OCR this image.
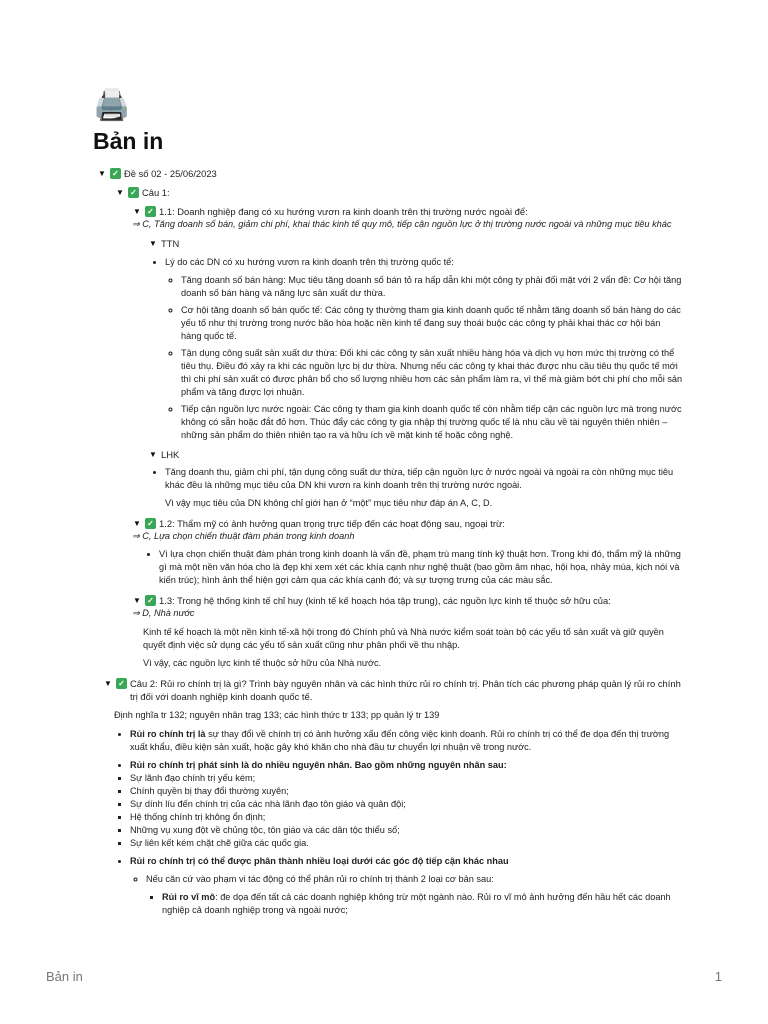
🖨️
Bản in
▼ ✓ Đề số 02 - 25/06/2023
▼ ✓ Câu 1:
▼ ✓ 1.1: Doanh nghiệp đang có xu hướng vươn ra kinh doanh trên thị trường nước ngoài để:
⇒ C, Tăng doanh số bán, giảm chi phí, khai thác kinh tế quy mô, tiếp cận nguồn lực ở thị trường nước ngoài và những mục tiêu khác
▼ TTN
• Lý do các DN có xu hướng vươn ra kinh doanh trên thị trường quốc tế:
◦ Tăng doanh số bán hàng: Mục tiêu tăng doanh số bán tỏ ra hấp dẫn khi một công ty phải đối mặt với 2 vấn đề: Cơ hội tăng doanh số bán hàng và năng lực sản xuất dư thừa.
◦ Cơ hội tăng doanh số bán quốc tế: Các công ty thường tham gia kinh doanh quốc tế nhằm tăng doanh số bán hàng do các yếu tố như thị trường trong nước bão hòa hoặc nền kinh tế đang suy thoái buộc các công ty phải khai thác cơ hội bán hàng quốc tế.
◦ Tận dụng công suất sản xuất dư thừa: Đối khi các công ty sản xuất nhiều hàng hóa và dịch vụ hơn mức thị trường có thể tiêu thụ. Điều đó xảy ra khi các nguồn lực bị dư thừa. Nhưng nếu các công ty khai thác được nhu cầu tiêu thụ quốc tế mới thì chi phí sản xuất có được phân bổ cho số lượng nhiều hơn các sản phẩm làm ra, vì thế mà giảm bớt chi phí cho mỗi sản phẩm và tăng được lợi nhuận.
◦ Tiếp cận nguồn lực nước ngoài: Các công ty tham gia kinh doanh quốc tế còn nhằm tiếp cận các nguồn lực mà trong nước không có sẵn hoặc đắt đỏ hơn. Thúc đẩy các công ty gia nhập thị trường quốc tế là nhu cầu về tài nguyên thiên nhiên – những sản phẩm do thiên nhiên tạo ra và hữu ích về mặt kinh tế hoặc công nghệ.
▼ LHK
• Tăng doanh thu, giảm chi phí, tận dụng công suất dư thừa, tiếp cận nguồn lực ở nước ngoài và ngoài ra còn những mục tiêu khác đều là những mục tiêu của DN khi vươn ra kinh doanh trên thị trường nước ngoài.

Vì vậy mục tiêu của DN không chỉ giới hạn ở “một” mục tiêu như đáp án A, C, D.

▼ ✓ 1.2: Thẩm mỹ có ảnh hưởng quan trọng trực tiếp đến các hoạt động sau, ngoại trừ:
⇒ C, Lựa chọn chiến thuật đàm phán trong kinh doanh
• Vì lựa chọn chiến thuật đàm phán trong kinh doanh là vấn đề, phạm trù mang tính kỹ thuật hơn. Trong khi đó, thẩm mỹ là những gì mà một nền văn hóa cho là đẹp khi xem xét các khía cạnh như nghệ thuật (bao gồm âm nhạc, hội họa, nhảy múa, kịch nói và kiến trúc); hình ảnh thể hiện gợi cảm qua các khía cạnh đó; và sự tượng trưng của các màu sắc.
▼ ✓ 1.3: Trong hệ thống kinh tế chỉ huy (kinh tế kế hoạch hóa tập trung), các nguồn lực kinh tế thuộc sở hữu của:
⇒ D, Nhà nước

Kinh tế kế hoạch là một nền kinh tế-xã hội trong đó Chính phủ và Nhà nước kiểm soát toàn bộ các yếu tố sản xuất và giữ quyền quyết định việc sử dụng các yếu tố sản xuất cũng như phân phối về thu nhập.

Vì vậy, các nguồn lực kinh tế thuộc sở hữu của Nhà nước.

▼ ✓ Câu 2: Rủi ro chính trị là gì? Trình bày nguyên nhân và các hình thức rủi ro chính trị. Phân tích các phương pháp quản lý rủi ro chính trị đối với doanh nghiệp kinh doanh quốc tế.

Định nghĩa tr 132; nguyên nhân trag 133; các hình thức tr 133; pp quản lý tr 139

• Rủi ro chính trị là sự thay đổi về chính trị có ảnh hưởng xấu đến công việc kinh doanh. Rủi ro chính trị có thể đe dọa đến thị trường xuất khẩu, điều kiện sản xuất, hoặc gây khó khăn cho nhà đầu tư chuyển lợi nhuận về trong nước.
• Rủi ro chính trị phát sinh là do nhiều nguyên nhân. Bao gồm những nguyên nhân sau:
▪ Sự lãnh đạo chính trị yếu kém;
▪ Chính quyền bị thay đổi thường xuyên;
▪ Sự dính líu đến chính trị của các nhà lãnh đạo tôn giáo và quân đội;
▪ Hệ thống chính trị không ổn định;
▪ Những vụ xung đột về chủng tộc, tôn giáo và các dân tộc thiểu số;
▪ Sự liên kết kém chặt chẽ giữa các quốc gia.
• Rủi ro chính trị có thể được phân thành nhiều loại dưới các góc độ tiếp cận khác nhau
◦ Nếu căn cứ vào phạm vi tác động có thể phân rủi ro chính trị thành 2 loại cơ bản sau:
▪ Rủi ro vĩ mô: đe dọa đến tất cả các doanh nghiệp không trừ một ngành nào. Rủi ro vĩ mô ảnh hưởng đến hầu hết các doanh nghiệp cả doanh nghiệp trong và ngoài nước;
Bản in	1
